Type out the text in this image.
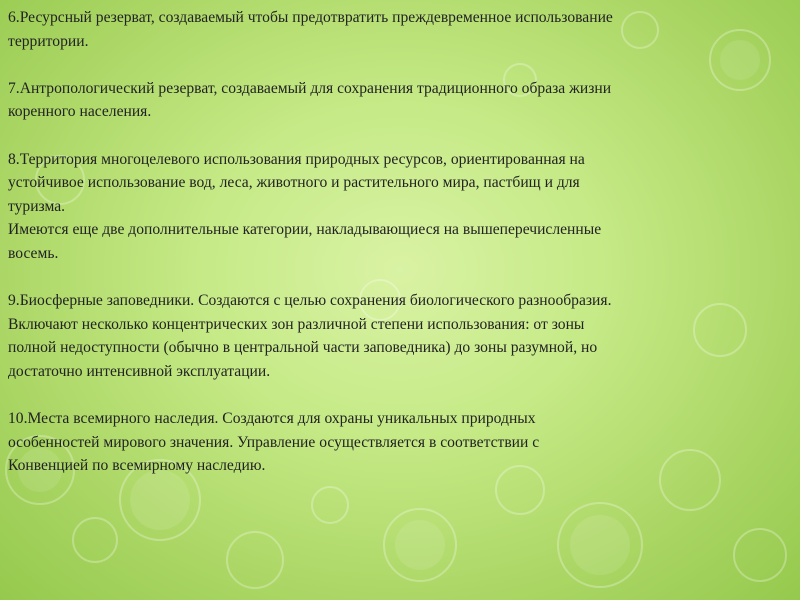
6.Ресурсный резерват, создаваемый чтобы предотвратить преждевременное использование
территории.

7.Антропологический резерват, создаваемый для сохранения традиционного образа жизни
коренного населения.

8.Территория многоцелевого использования природных ресурсов, ориентированная на
устойчивое использование вод, леса, животного и растительного мира, пастбищ и для
туризма.
Имеются еще две дополнительные категории, накладывающиеся на вышеперечисленные
восемь.

9.Биосферные заповедники. Создаются с целью сохранения биологического разнообразия.
Включают несколько концентрических зон различной степени использования: от зоны
полной недоступности (обычно в центральной части заповедника) до зоны разумной, но
достаточно интенсивной эксплуатации.

10.Места всемирного наследия. Создаются для охраны уникальных природных
особенностей мирового значения. Управление осуществляется в соответствии с
Конвенцией по всемирному наследию.
